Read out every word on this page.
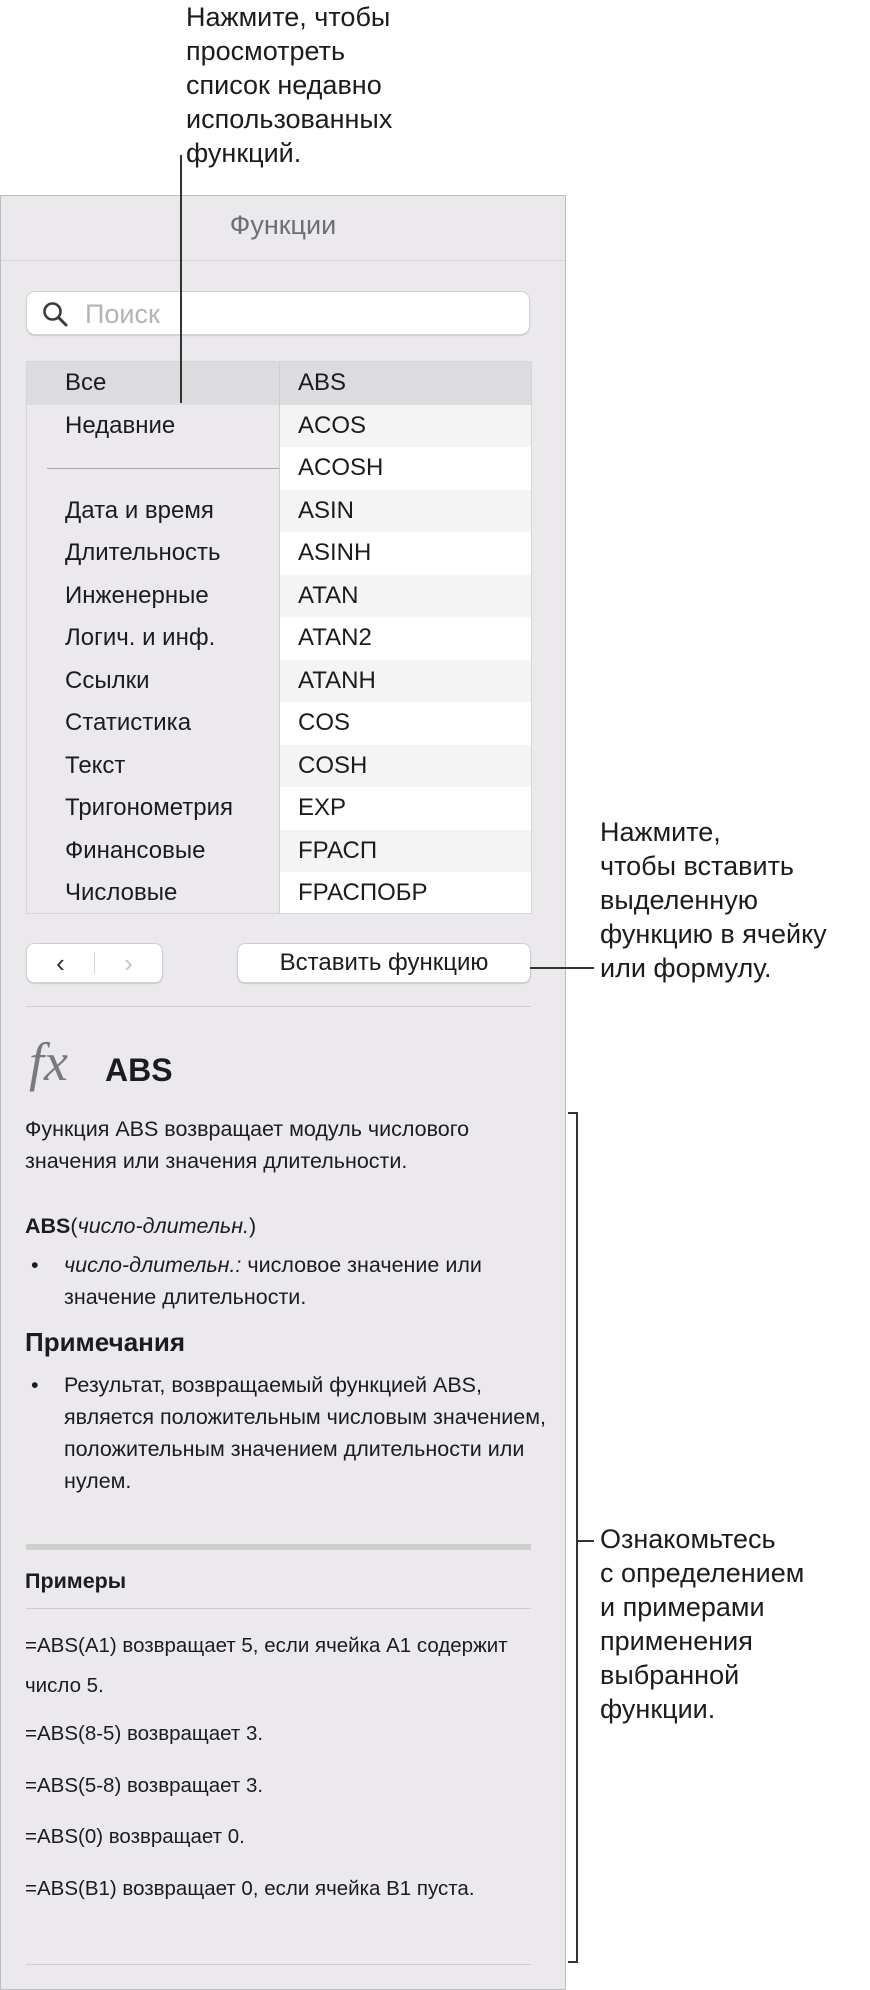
Нажмите, чтобы
просмотреть
список недавно
использованных
функций.
Нажмите,
чтобы вставить
выделенную
функцию в ячейку
или формулу.
Ознакомьтесь
с определением
и примерами
применения
выбранной
функции.
Функции
Поиск
Все
Недавние
Дата и время
Длительность
Инженерные
Логич. и инф.
Ссылки
Статистика
Текст
Тригонометрия
Финансовые
Числовые
ABS
ACOS
ACOSH
ASIN
ASINH
ATAN
ATAN2
ATANH
COS
COSH
EXP
FРАСП
FРАСПОБР
‹	›	Вставить функцию
fx ABS
Функция ABS возвращает модуль числового значения или значения длительности.
ABS(число-длительн.)
• число-длительн.: числовое значение или значение длительности.
Примечания
• Результат, возвращаемый функцией ABS, является положительным числовым значением, положительным значением длительности или нулем.
Примеры
=ABS(A1) возвращает 5, если ячейка A1 содержит число 5.
=ABS(8-5) возвращает 3.
=ABS(5-8) возвращает 3.
=ABS(0) возвращает 0.
=ABS(B1) возвращает 0, если ячейка B1 пуста.
